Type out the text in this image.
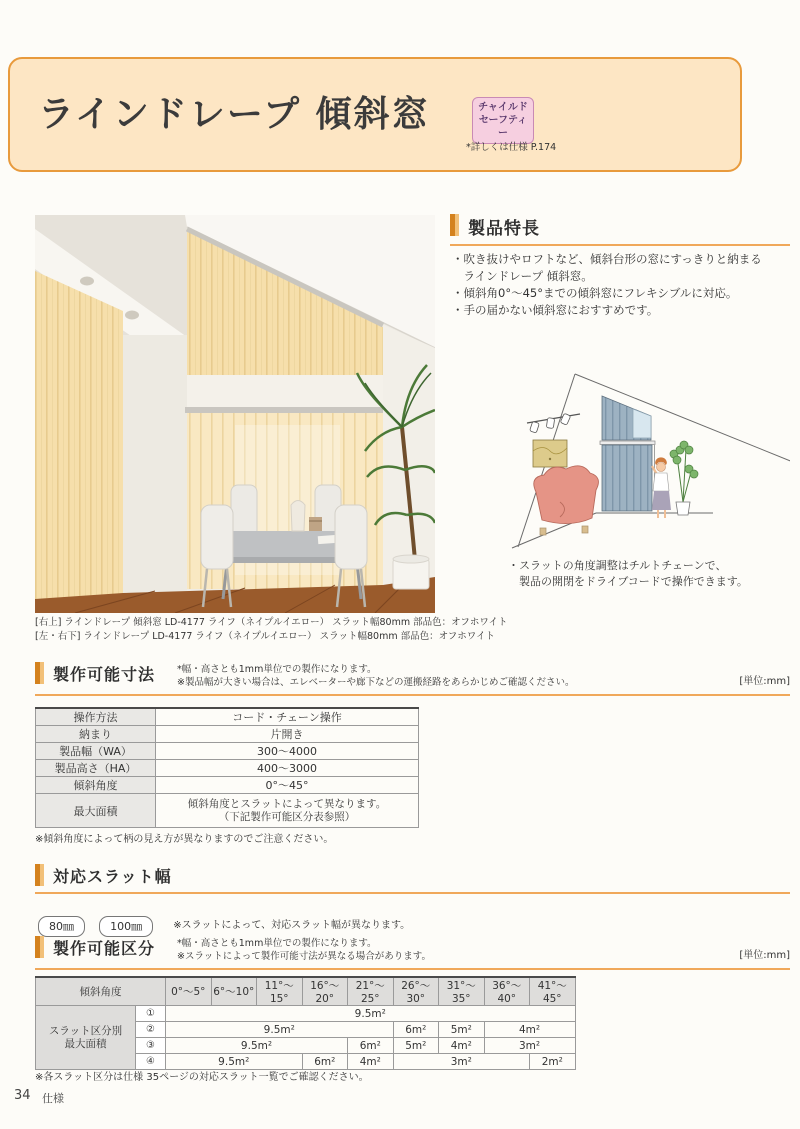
ラインドレープ 傾斜窓	チャイルド
セーフティー
*詳しくは仕様 P.174
[右上] ラインドレープ 傾斜窓 LD-4177 ライフ（ネイプルイエロー） スラット幅80mm 部品色：オフホワイト
[左・右下] ラインドレープ LD-4177 ライフ（ネイプルイエロー） スラット幅80mm 部品色：オフホワイト
製品特長
・吹き抜けやロフトなど、傾斜台形の窓にすっきりと納まる
　ラインドレープ 傾斜窓。
・傾斜角0°〜45°までの傾斜窓にフレキシブルに対応。
・手の届かない傾斜窓におすすめです。
・スラットの角度調整はチルトチェーンで、
　製品の開閉をドライブコードで操作できます。
製作可能寸法 *幅・高さとも1mm単位での製作になります。
※製品幅が大きい場合は、エレベーターや廊下などの運搬経路をあらかじめご確認ください。	[単位:mm]
操作方法	コード・チェーン操作
納まり	片開き
製品幅（WA）	300〜4000
製品高さ（HA）	400〜3000
傾斜角度	0°〜45°
最大面積	傾斜角度とスラットによって異なります。
（下記製作可能区分表参照）
※傾斜角度によって柄の見え方が異なりますのでご注意ください。
対応スラット幅
80㎜	100㎜	※スラットによって、対応スラット幅が異なります。
製作可能区分 *幅・高さとも1mm単位での製作になります。
※スラットによって製作可能寸法が異なる場合があります。	[単位:mm]
傾斜角度		0°〜5°	6°〜10°	11°〜15°	16°〜20°	21°〜25°	26°〜30°	31°〜35°	36°〜40°	41°〜45°

スラット区分別
最大面積	①	9.5m²								
	②	9.5m²					6m²	5m²	4m²	
	③	9.5m²				6m²	5m²	4m²	3m²	
	④	9.5m²			6m²	4m²	3m²			2m²
※各スラット区分は仕様 35ページの対応スラット一覧でご確認ください。
34 仕様
